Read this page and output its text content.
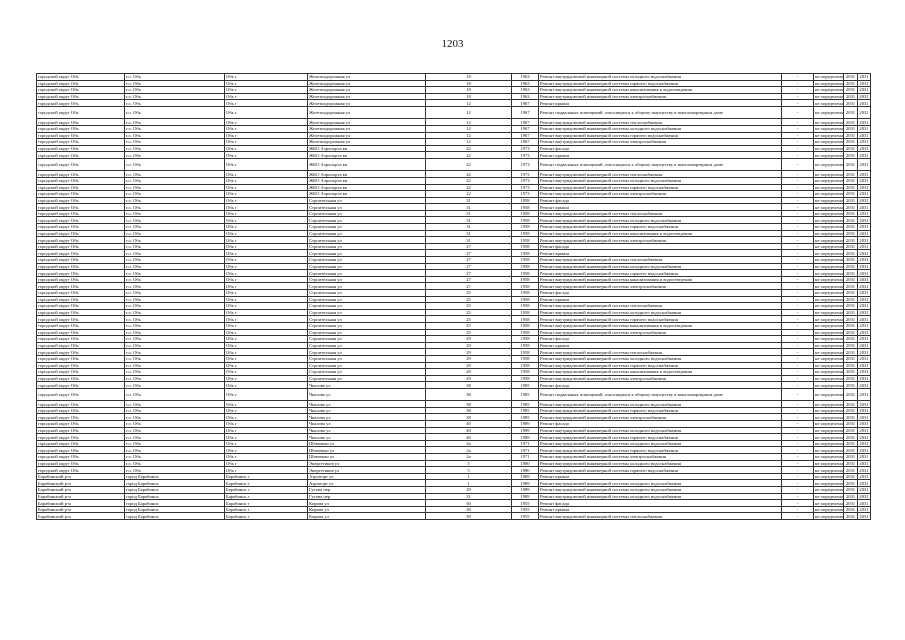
1203
городской округ Обь	г.о. Обь	Обь г	Железнодорожная ул	18	1963	Ремонт внутридомовой инженерной системы холодного водоснабжения	-	не определена	2031	2031
городской округ Обь	г.о. Обь	Обь г	Железнодорожная ул	18	1963	Ремонт внутридомовой инженерной системы горячего водоснабжения	-	не определена	2031	2031
городской округ Обь	г.о. Обь	Обь г	Железнодорожная ул	18	1963	Ремонт внутридомовой инженерной системы канализования и водоотведения	-	не определена	2031	2031
городской округ Обь	г.о. Обь	Обь г	Железнодорожная ул	18	1963	Ремонт внутридомовой инженерной системы электроснабжения	-	не определена	2031	2031
городской округ Обь	г.о. Обь	Обь г	Железнодорожная ул	12	1967	Ремонт крыши	-	не определена	2031	2031
городской округ Обь	г.о. Обь	Обь г	Железнодорожная ул	12	1967	Ремонт подвальных помещений, относящихся к общему имуществу в многоквартирном доме	-	не определена	2031	2031
городской округ Обь	г.о. Обь	Обь г	Железнодорожная ул	12	1967	Ремонт внутридомовой инженерной системы теплоснабжения	-	не определена	2031	2031
городской округ Обь	г.о. Обь	Обь г	Железнодорожная ул	12	1967	Ремонт внутридомовой инженерной системы холодного водоснабжения	-	не определена	2031	2031
городской округ Обь	г.о. Обь	Обь г	Железнодорожная ул	12	1967	Ремонт внутридомовой инженерной системы горячего водоснабжения	-	не определена	2031	2031
городской округ Обь	г.о. Обь	Обь г	Железнодорожная ул	12	1967	Ремонт внутридомовой инженерной системы электроснабжения	-	не определена	2031	2031
городской округ Обь	г.о. Обь	Обь г	ЖКО Аэропорта кв	22	1973	Ремонт фасада	-	не определена	2031	2031
городской округ Обь	г.о. Обь	Обь г	ЖКО Аэропорта кв	22	1973	Ремонт крыши	-	не определена	2031	2031
городской округ Обь	г.о. Обь	Обь г	ЖКО Аэропорта кв	22	1973	Ремонт подвальных помещений, относящихся к общему имуществу в многоквартирном доме	-	не определена	2031	2031
городской округ Обь	г.о. Обь	Обь г	ЖКО Аэропорта кв	22	1973	Ремонт внутридомовой инженерной системы теплоснабжения	-	не определена	2031	2031
городской округ Обь	г.о. Обь	Обь г	ЖКО Аэропорта кв	22	1973	Ремонт внутридомовой инженерной системы холодного водоснабжения	-	не определена	2031	2031
городской округ Обь	г.о. Обь	Обь г	ЖКО Аэропорта кв	22	1973	Ремонт внутридомовой инженерной системы горячего водоснабжения	-	не определена	2031	2031
городской округ Обь	г.о. Обь	Обь г	ЖКО Аэропорта кв	22	1973	Ремонт внутридомовой инженерной системы электроснабжения	-	не определена	2031	2031
городской округ Обь	г.о. Обь	Обь г	Строительная ул	31	1958	Ремонт фасада	-	не определена	2031	2031
городской округ Обь	г.о. Обь	Обь г	Строительная ул	31	1958	Ремонт крыши	-	не определена	2031	2031
городской округ Обь	г.о. Обь	Обь г	Строительная ул	31	1958	Ремонт внутридомовой инженерной системы теплоснабжения	-	не определена	2031	2031
городской округ Обь	г.о. Обь	Обь г	Строительная ул	31	1958	Ремонт внутридомовой инженерной системы холодного водоснабжения	-	не определена	2031	2031
городской округ Обь	г.о. Обь	Обь г	Строительная ул	31	1958	Ремонт внутридомовой инженерной системы горячего водоснабжения	-	не определена	2031	2031
городской округ Обь	г.о. Обь	Обь г	Строительная ул	31	1958	Ремонт внутридомовой инженерной системы канализования и водоотведения	-	не определена	2031	2031
городской округ Обь	г.о. Обь	Обь г	Строительная ул	31	1958	Ремонт внутридомовой инженерной системы электроснабжения	-	не определена	2031	2031
городской округ Обь	г.о. Обь	Обь г	Строительная ул	27	1958	Ремонт фасада	-	не определена	2031	2031
городской округ Обь	г.о. Обь	Обь г	Строительная ул	27	1958	Ремонт крыши	-	не определена	2031	2031
городской округ Обь	г.о. Обь	Обь г	Строительная ул	27	1958	Ремонт внутридомовой инженерной системы теплоснабжения	-	не определена	2031	2031
городской округ Обь	г.о. Обь	Обь г	Строительная ул	27	1958	Ремонт внутридомовой инженерной системы холодного водоснабжения	-	не определена	2031	2031
городской округ Обь	г.о. Обь	Обь г	Строительная ул	27	1958	Ремонт внутридомовой инженерной системы горячего водоснабжения	-	не определена	2031	2031
городской округ Обь	г.о. Обь	Обь г	Строительная ул	27	1958	Ремонт внутридомовой инженерной системы канализования и водоотведения	-	не определена	2031	2031
городской округ Обь	г.о. Обь	Обь г	Строительная ул	27	1958	Ремонт внутридомовой инженерной системы электроснабжения	-	не определена	2031	2031
городской округ Обь	г.о. Обь	Обь г	Строительная ул	25	1958	Ремонт фасада	-	не определена	2031	2031
городской округ Обь	г.о. Обь	Обь г	Строительная ул	25	1958	Ремонт крыши	-	не определена	2031	2031
городской округ Обь	г.о. Обь	Обь г	Строительная ул	25	1958	Ремонт внутридомовой инженерной системы теплоснабжения	-	не определена	2031	2031
городской округ Обь	г.о. Обь	Обь г	Строительная ул	25	1958	Ремонт внутридомовой инженерной системы холодного водоснабжения	-	не определена	2031	2031
городской округ Обь	г.о. Обь	Обь г	Строительная ул	25	1958	Ремонт внутридомовой инженерной системы горячего водоснабжения	-	не определена	2031	2031
городской округ Обь	г.о. Обь	Обь г	Строительная ул	25	1958	Ремонт внутридомовой инженерной системы канализования и водоотведения	-	не определена	2031	2031
городской округ Обь	г.о. Обь	Обь г	Строительная ул	25	1958	Ремонт внутридомовой инженерной системы электроснабжения	-	не определена	2031	2031
городской округ Обь	г.о. Обь	Обь г	Строительная ул	29	1958	Ремонт фасада	-	не определена	2031	2031
городской округ Обь	г.о. Обь	Обь г	Строительная ул	29	1958	Ремонт крыши	-	не определена	2031	2031
городской округ Обь	г.о. Обь	Обь г	Строительная ул	29	1958	Ремонт внутридомовой инженерной системы теплоснабжения	-	не определена	2031	2031
городской округ Обь	г.о. Обь	Обь г	Строительная ул	29	1958	Ремонт внутридомовой инженерной системы холодного водоснабжения	-	не определена	2031	2031
городской округ Обь	г.о. Обь	Обь г	Строительная ул	29	1958	Ремонт внутридомовой инженерной системы горячего водоснабжения	-	не определена	2031	2031
городской округ Обь	г.о. Обь	Обь г	Строительная ул	29	1958	Ремонт внутридомовой инженерной системы канализования и водоотведения	-	не определена	2031	2031
городской округ Обь	г.о. Обь	Обь г	Строительная ул	29	1958	Ремонт внутридомовой инженерной системы электроснабжения	-	не определена	2031	2031
городской округ Обь	г.о. Обь	Обь г	Чкалова ул	38	1985	Ремонт фасада	-	не определена	2031	2031
городской округ Обь	г.о. Обь	Обь г	Чкалова ул	38	1985	Ремонт подвальных помещений, относящихся к общему имуществу в многоквартирном доме	-	не определена	2031	2031
городской округ Обь	г.о. Обь	Обь г	Чкалова ул	38	1985	Ремонт внутридомовой инженерной системы холодного водоснабжения	-	не определена	2031	2031
городской округ Обь	г.о. Обь	Обь г	Чкалова ул	38	1985	Ремонт внутридомовой инженерной системы горячего водоснабжения	-	не определена	2031	2031
городской округ Обь	г.о. Обь	Обь г	Чкалова ул	38	1985	Ремонт внутридомовой инженерной системы электроснабжения	-	не определена	2031	2031
городской округ Обь	г.о. Обь	Обь г	Чкалова ул	40	1989	Ремонт фасада	-	не определена	2031	2031
городской округ Обь	г.о. Обь	Обь г	Чкалова ул	40	1989	Ремонт внутридомовой инженерной системы холодного водоснабжения	-	не определена	2031	2031
городской округ Обь	г.о. Обь	Обь г	Чкалова ул	40	1989	Ремонт внутридомовой инженерной системы горячего водоснабжения	-	не определена	2031	2031
городской округ Обь	г.о. Обь	Обь г	Шевченко ул	2а	1971	Ремонт внутридомовой инженерной системы холодного водоснабжения	-	не определена	2031	2031
городской округ Обь	г.о. Обь	Обь г	Шевченко ул	2а	1971	Ремонт внутридомовой инженерной системы горячего водоснабжения	-	не определена	2031	2031
городской округ Обь	г.о. Обь	Обь г	Шевченко ул	2а	1971	Ремонт внутридомовой инженерной системы электроснабжения	-	не определена	2031	2031
городской округ Обь	г.о. Обь	Обь г	Энергетиков ул	5	1980	Ремонт внутридомовой инженерной системы холодного водоснабжения	-	не определена	2031	2031
городской округ Обь	г.о. Обь	Обь г	Энергетиков ул	5	1980	Ремонт внутридомовой инженерной системы горячего водоснабжения	-	не определена	2031	2031
Барабинский р-н	город Барабинск	Барабинск г	Аэропорт ул	1	1989	Ремонт крыши	-	не определена	2031	2031
Барабинский р-н	город Барабинск	Барабинск г	Аэропорт ул	1	1989	Ремонт внутридомовой инженерной системы холодного водоснабжения	-	не определена	2031	2031
Барабинский р-н	город Барабинск	Барабинск г	Гутова пер	29	1989	Ремонт внутридомовой инженерной системы холодного водоснабжения	-	не определена	2031	2031
Барабинский р-н	город Барабинск	Барабинск г	Гутова пер	31	1989	Ремонт внутридомовой инженерной системы холодного водоснабжения	-	не определена	2031	2031
Барабинский р-н	город Барабинск	Барабинск г	Кирова ул	30	1955	Ремонт фасада	-	не определена	2031	2031
Барабинский р-н	город Барабинск	Барабинск г	Кирова ул	30	1955	Ремонт крыши	-	не определена	2031	2031
Барабинский р-н	город Барабинск	Барабинск г	Кирова ул	30	1955	Ремонт внутридомовой инженерной системы теплоснабжения	-	не определена	2031	2031
